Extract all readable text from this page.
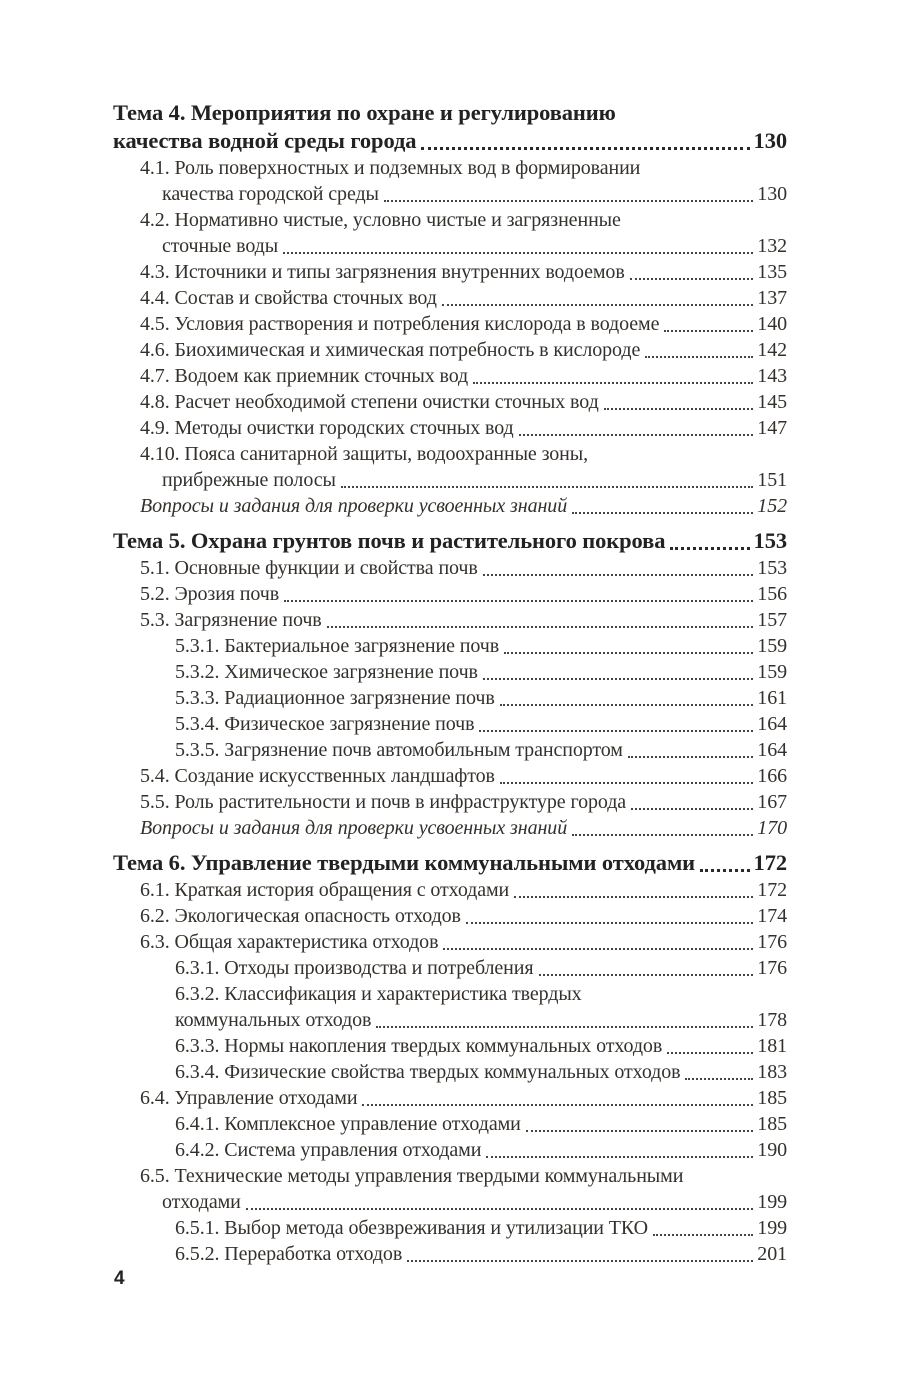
Тема 4. Мероприятия по охране и регулированию
качества водной среды города	130
4.1. Роль поверхностных и подземных вод в формировании
качества городской среды	130
4.2. Нормативно чистые, условно чистые и загрязненные
сточные воды	132
4.3. Источники и типы загрязнения внутренних водоемов	135
4.4. Состав и свойства сточных вод	137
4.5. Условия растворения и потребления кислорода в водоеме	140
4.6. Биохимическая и химическая потребность в кислороде	142
4.7. Водоем как приемник сточных вод	143
4.8. Расчет необходимой степени очистки сточных вод	145
4.9. Методы очистки городских сточных вод	147
4.10. Пояса санитарной защиты, водоохранные зоны,
прибрежные полосы	151
Вопросы и задания для проверки усвоенных знаний	152
Тема 5. Охрана грунтов почв и растительного покрова	153
5.1. Основные функции и свойства почв	153
5.2. Эрозия почв	156
5.3. Загрязнение почв	157
5.3.1. Бактериальное загрязнение почв	159
5.3.2. Химическое загрязнение почв	159
5.3.3. Радиационное загрязнение почв	161
5.3.4. Физическое загрязнение почв	164
5.3.5. Загрязнение почв автомобильным транспортом	164
5.4. Создание искусственных ландшафтов	166
5.5. Роль растительности и почв в инфраструктуре города	167
Вопросы и задания для проверки усвоенных знаний	170
Тема 6. Управление твердыми коммунальными отходами	172
6.1. Краткая история обращения с отходами	172
6.2. Экологическая опасность отходов	174
6.3. Общая характеристика отходов	176
6.3.1. Отходы производства и потребления	176
6.3.2. Классификация и характеристика твердых
коммунальных отходов	178
6.3.3. Нормы накопления твердых коммунальных отходов	181
6.3.4. Физические свойства твердых коммунальных отходов	183
6.4. Управление отходами	185
6.4.1. Комплексное управление отходами	185
6.4.2. Система управления отходами	190
6.5. Технические методы управления твердыми коммунальными
отходами	199
6.5.1. Выбор метода обезвреживания и утилизации ТКО	199
6.5.2. Переработка отходов	201
4
